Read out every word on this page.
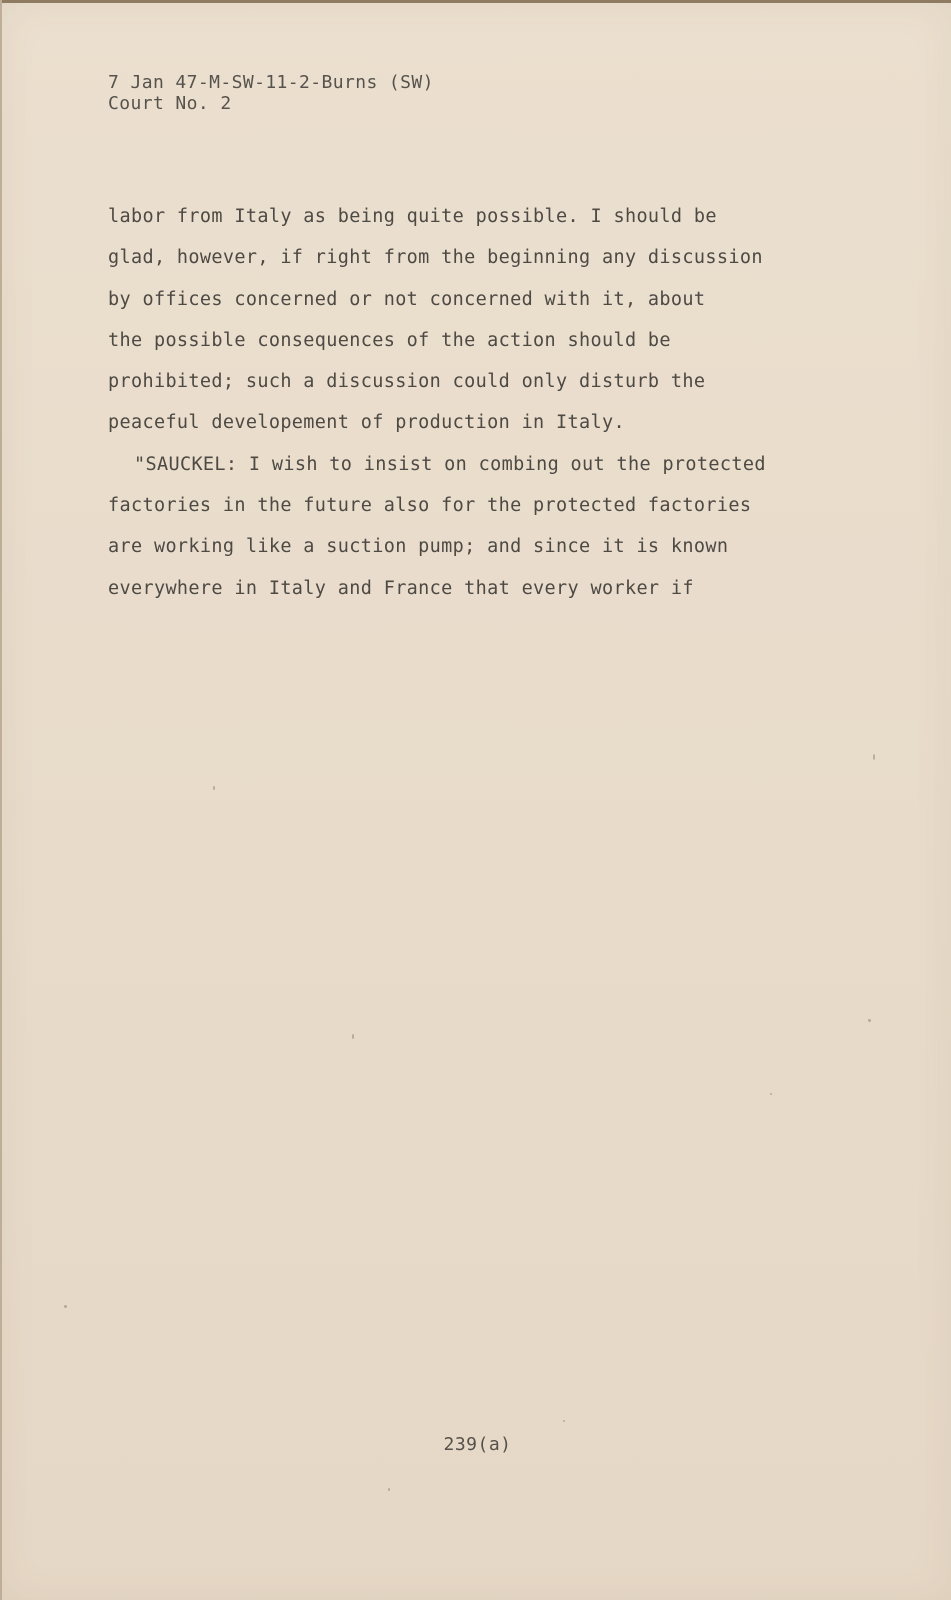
7 Jan 47-M-SW-11-2-Burns (SW)
Court No. 2
labor from Italy as being quite possible. I should be
glad, however, if right from the beginning any discussion
by offices concerned or not concerned with it, about
the possible consequences of the action should be
prohibited; such a discussion could only disturb the
peaceful developement of production in Italy.
"SAUCKEL: I wish to insist on combing out the protected
factories in the future also for the protected factories
are working like a suction pump; and since it is known
everywhere in Italy and France that every worker if
239(a)
